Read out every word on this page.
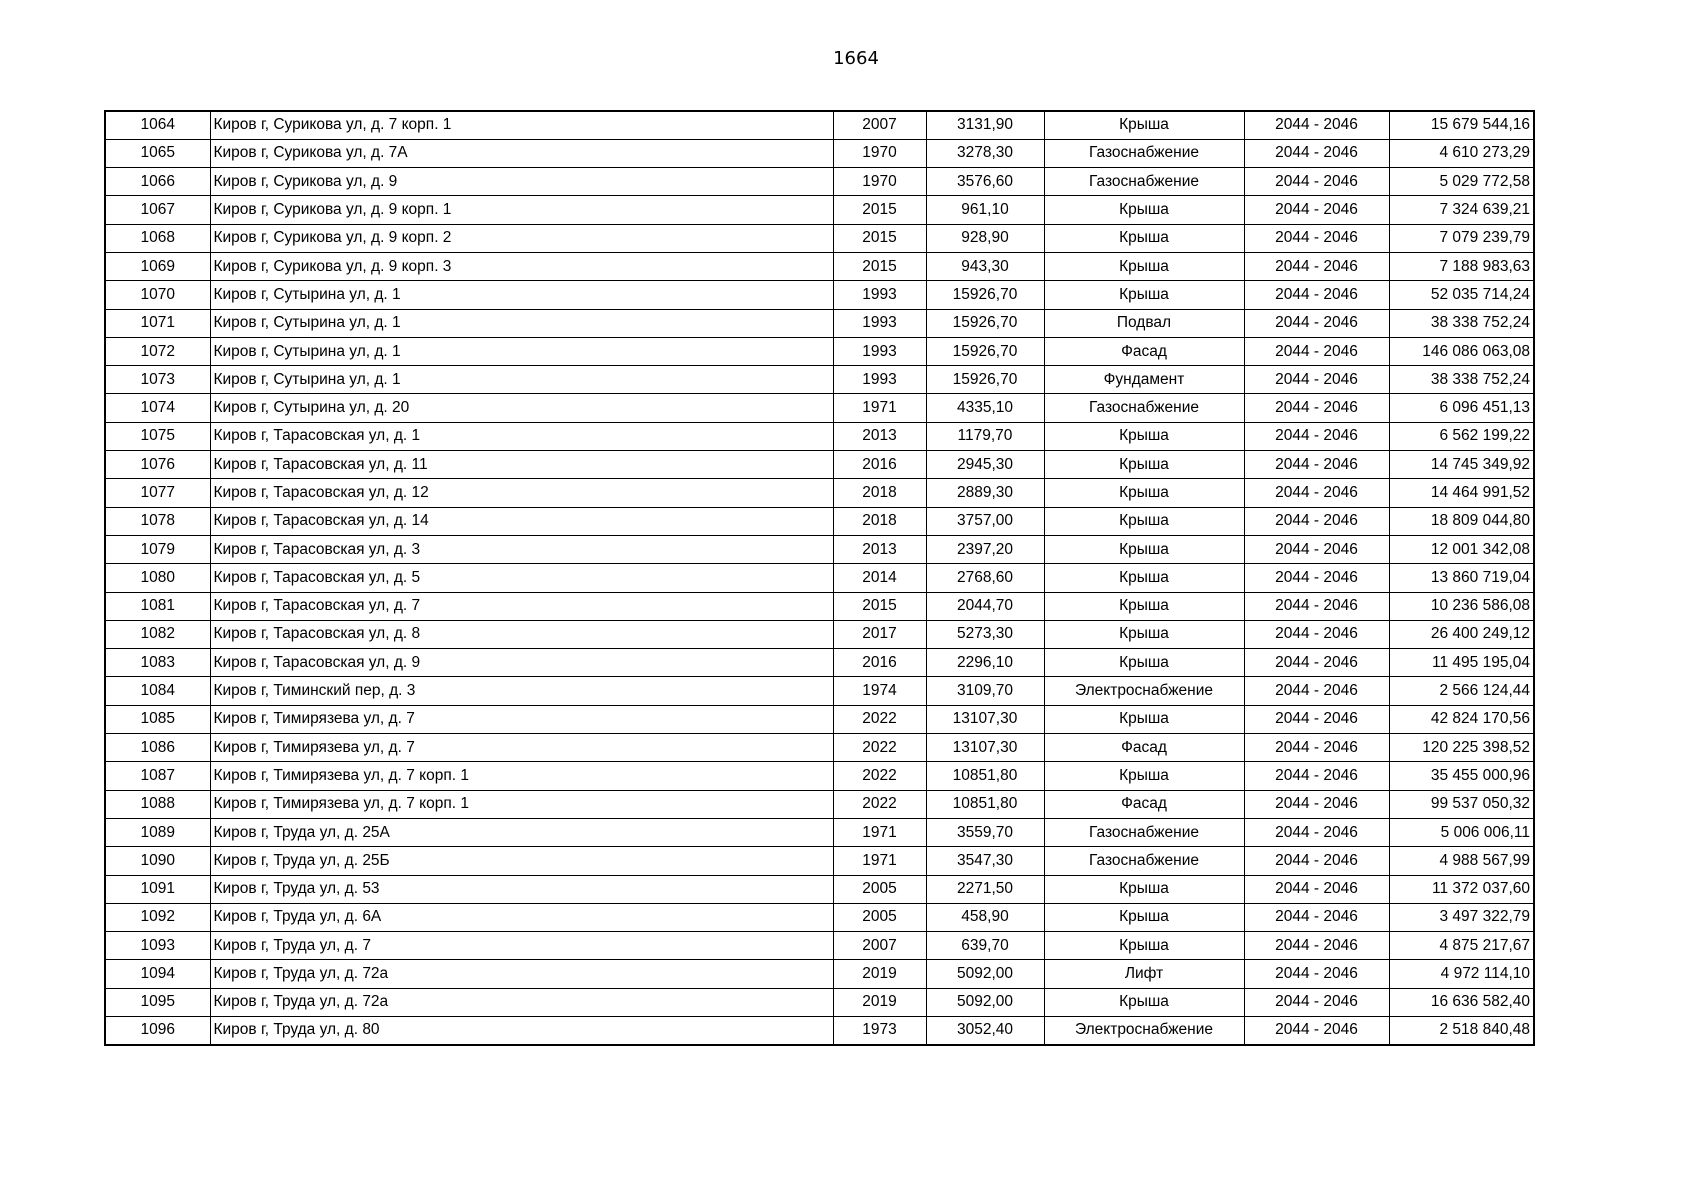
1664
1064	Киров г, Сурикова ул, д. 7 корп. 1	2007	3131,90	Крыша	2044 - 2046	15 679 544,16
1065	Киров г, Сурикова ул, д. 7А	1970	3278,30	Газоснабжение	2044 - 2046	4 610 273,29
1066	Киров г, Сурикова ул, д. 9	1970	3576,60	Газоснабжение	2044 - 2046	5 029 772,58
1067	Киров г, Сурикова ул, д. 9 корп. 1	2015	961,10	Крыша	2044 - 2046	7 324 639,21
1068	Киров г, Сурикова ул, д. 9 корп. 2	2015	928,90	Крыша	2044 - 2046	7 079 239,79
1069	Киров г, Сурикова ул, д. 9 корп. 3	2015	943,30	Крыша	2044 - 2046	7 188 983,63
1070	Киров г, Сутырина ул, д. 1	1993	15926,70	Крыша	2044 - 2046	52 035 714,24
1071	Киров г, Сутырина ул, д. 1	1993	15926,70	Подвал	2044 - 2046	38 338 752,24
1072	Киров г, Сутырина ул, д. 1	1993	15926,70	Фасад	2044 - 2046	146 086 063,08
1073	Киров г, Сутырина ул, д. 1	1993	15926,70	Фундамент	2044 - 2046	38 338 752,24
1074	Киров г, Сутырина ул, д. 20	1971	4335,10	Газоснабжение	2044 - 2046	6 096 451,13
1075	Киров г, Тарасовская ул, д. 1	2013	1179,70	Крыша	2044 - 2046	6 562 199,22
1076	Киров г, Тарасовская ул, д. 11	2016	2945,30	Крыша	2044 - 2046	14 745 349,92
1077	Киров г, Тарасовская ул, д. 12	2018	2889,30	Крыша	2044 - 2046	14 464 991,52
1078	Киров г, Тарасовская ул, д. 14	2018	3757,00	Крыша	2044 - 2046	18 809 044,80
1079	Киров г, Тарасовская ул, д. 3	2013	2397,20	Крыша	2044 - 2046	12 001 342,08
1080	Киров г, Тарасовская ул, д. 5	2014	2768,60	Крыша	2044 - 2046	13 860 719,04
1081	Киров г, Тарасовская ул, д. 7	2015	2044,70	Крыша	2044 - 2046	10 236 586,08
1082	Киров г, Тарасовская ул, д. 8	2017	5273,30	Крыша	2044 - 2046	26 400 249,12
1083	Киров г, Тарасовская ул, д. 9	2016	2296,10	Крыша	2044 - 2046	11 495 195,04
1084	Киров г, Тиминский пер, д. 3	1974	3109,70	Электроснабжение	2044 - 2046	2 566 124,44
1085	Киров г, Тимирязева ул, д. 7	2022	13107,30	Крыша	2044 - 2046	42 824 170,56
1086	Киров г, Тимирязева ул, д. 7	2022	13107,30	Фасад	2044 - 2046	120 225 398,52
1087	Киров г, Тимирязева ул, д. 7 корп. 1	2022	10851,80	Крыша	2044 - 2046	35 455 000,96
1088	Киров г, Тимирязева ул, д. 7 корп. 1	2022	10851,80	Фасад	2044 - 2046	99 537 050,32
1089	Киров г, Труда ул, д. 25А	1971	3559,70	Газоснабжение	2044 - 2046	5 006 006,11
1090	Киров г, Труда ул, д. 25Б	1971	3547,30	Газоснабжение	2044 - 2046	4 988 567,99
1091	Киров г, Труда ул, д. 53	2005	2271,50	Крыша	2044 - 2046	11 372 037,60
1092	Киров г, Труда ул, д. 6А	2005	458,90	Крыша	2044 - 2046	3 497 322,79
1093	Киров г, Труда ул, д. 7	2007	639,70	Крыша	2044 - 2046	4 875 217,67
1094	Киров г, Труда ул, д. 72а	2019	5092,00	Лифт	2044 - 2046	4 972 114,10
1095	Киров г, Труда ул, д. 72а	2019	5092,00	Крыша	2044 - 2046	16 636 582,40
1096	Киров г, Труда ул, д. 80	1973	3052,40	Электроснабжение	2044 - 2046	2 518 840,48
